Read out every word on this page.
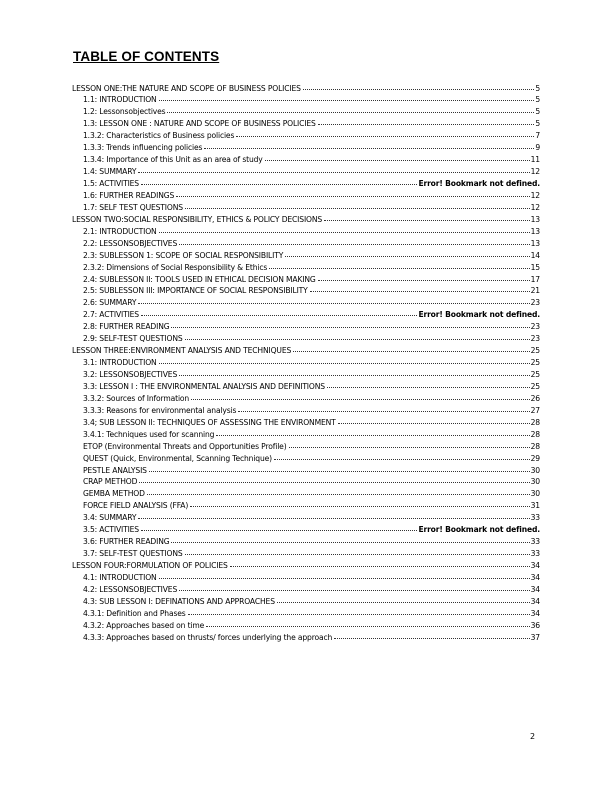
TABLE OF CONTENTS
LESSON ONE:THE NATURE AND SCOPE OF BUSINESS POLICIES	5
1.1: INTRODUCTION	5
1.2: Lessonsobjectives	5
1.3: LESSON ONE : NATURE AND SCOPE OF BUSINESS POLICIES	5
1.3.2: Characteristics of Business policies	7
1.3.3: Trends influencing policies	9
1.3.4: Importance of this Unit as an area of study	11
1.4: SUMMARY	12
1.5: ACTIVITIES	Error! Bookmark not defined.
1.6: FURTHER READINGS	12
1.7: SELF TEST QUESTIONS	12
LESSON TWO:SOCIAL RESPONSIBILITY, ETHICS & POLICY DECISIONS	13
2.1: INTRODUCTION	13
2.2: LESSONSOBJECTIVES	13
2.3: SUBLESSON 1: SCOPE OF SOCIAL RESPONSIBILITY	14
2.3.2: Dimensions of Social Responsibility & Ethics	15
2.4: SUBLESSON II: TOOLS USED IN ETHICAL DECISION MAKING	17
2.5: SUBLESSON III: IMPORTANCE OF SOCIAL RESPONSIBILITY	21
2.6: SUMMARY	23
2.7: ACTIVITIES	Error! Bookmark not defined.
2.8: FURTHER READING	23
2.9: SELF-TEST QUESTIONS	23
LESSON THREE:ENVIRONMENT ANALYSIS AND TECHNIQUES	25
3.1: INTRODUCTION	25
3.2: LESSONSOBJECTIVES	25
3.3: LESSON I : THE ENVIRONMENTAL ANALYSIS AND DEFINITIONS	25
3.3.2: Sources of Information	26
3.3.3: Reasons for environmental analysis	27
3.4; SUB LESSON II: TECHNIQUES OF ASSESSING THE ENVIRONMENT	28
3.4.1: Techniques used for scanning	28
ETOP (Environmental Threats and Opportunities Profile)	28
QUEST (Quick, Environmental, Scanning Technique)	29
PESTLE ANALYSIS	30
CRAP METHOD	30
GEMBA METHOD	30
FORCE FIELD ANALYSIS (FFA)	31
3.4: SUMMARY	33
3.5: ACTIVITIES	Error! Bookmark not defined.
3.6: FURTHER READING	33
3.7: SELF-TEST QUESTIONS	33
LESSON FOUR:FORMULATION OF POLICIES	34
4.1: INTRODUCTION	34
4.2: LESSONSOBJECTIVES	34
4.3: SUB LESSON I: DEFINATIONS AND APPROACHES	34
4.3.1: Definition and Phases	34
4.3.2: Approaches based on time	36
4.3.3: Approaches based on thrusts/ forces underlying the approach	37
2
